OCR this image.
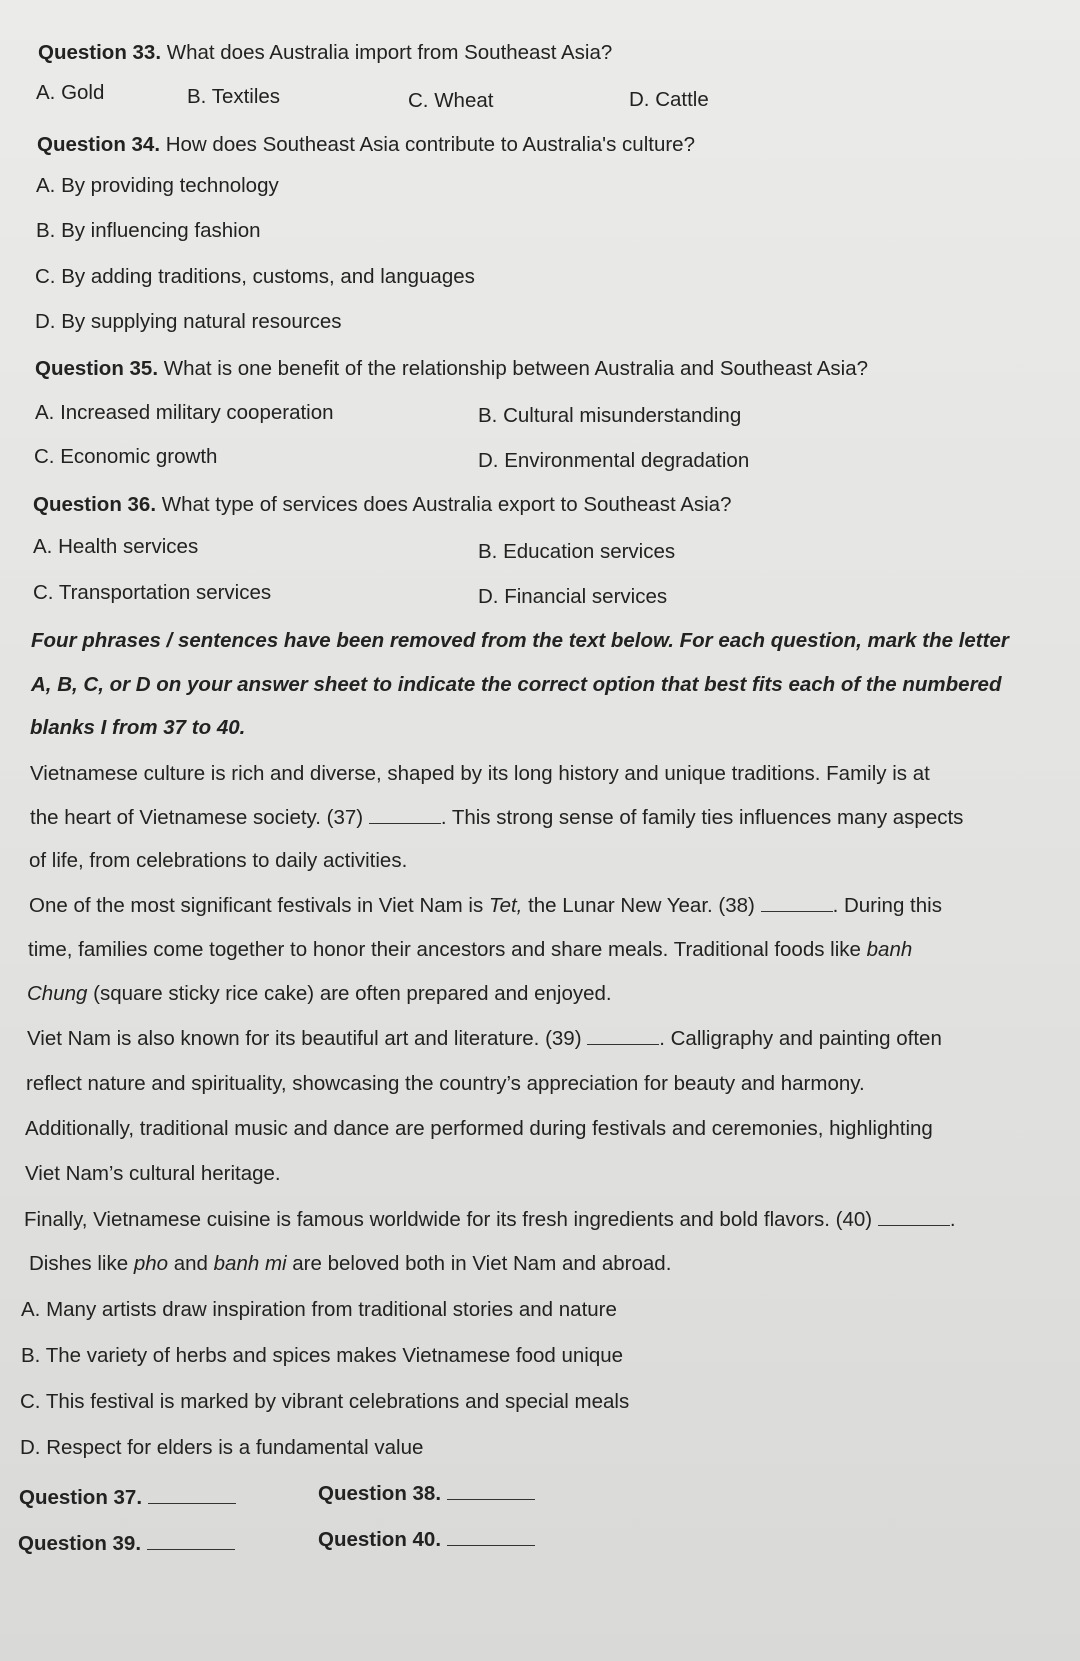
Question 33. What does Australia import from Southeast Asia?
A. Gold	B. Textiles	C. Wheat	D. Cattle
Question 34. How does Southeast Asia contribute to Australia's culture?
A. By providing technology
B. By influencing fashion
C. By adding traditions, customs, and languages
D. By supplying natural resources
Question 35. What is one benefit of the relationship between Australia and Southeast Asia?
A. Increased military cooperation	B. Cultural misunderstanding
C. Economic growth	D. Environmental degradation
Question 36. What type of services does Australia export to Southeast Asia?
A. Health services	B. Education services
C. Transportation services	D. Financial services
Four phrases / sentences have been removed from the text below. For each question, mark the letter
A, B, C, or D on your answer sheet to indicate the correct option that best fits each of the numbered
blanks I from 37 to 40.
Vietnamese culture is rich and diverse, shaped by its long history and unique traditions. Family is at
the heart of Vietnamese society. (37)	. This strong sense of family ties influences many aspects
of life, from celebrations to daily activities.
One of the most significant festivals in Viet Nam is Tet, the Lunar New Year. (38)	. During this
time, families come together to honor their ancestors and share meals. Traditional foods like banh
Chung (square sticky rice cake) are often prepared and enjoyed.
Viet Nam is also known for its beautiful art and literature. (39)	. Calligraphy and painting often
reflect nature and spirituality, showcasing the country’s appreciation for beauty and harmony.
Additionally, traditional music and dance are performed during festivals and ceremonies, highlighting
Viet Nam’s cultural heritage.
Finally, Vietnamese cuisine is famous worldwide for its fresh ingredients and bold flavors. (40)	.
Dishes like pho and banh mi are beloved both in Viet Nam and abroad.
A. Many artists draw inspiration from traditional stories and nature
B. The variety of herbs and spices makes Vietnamese food unique
C. This festival is marked by vibrant celebrations and special meals
D. Respect for elders is a fundamental value
Question 37.	Question 38.
Question 39.	Question 40.
